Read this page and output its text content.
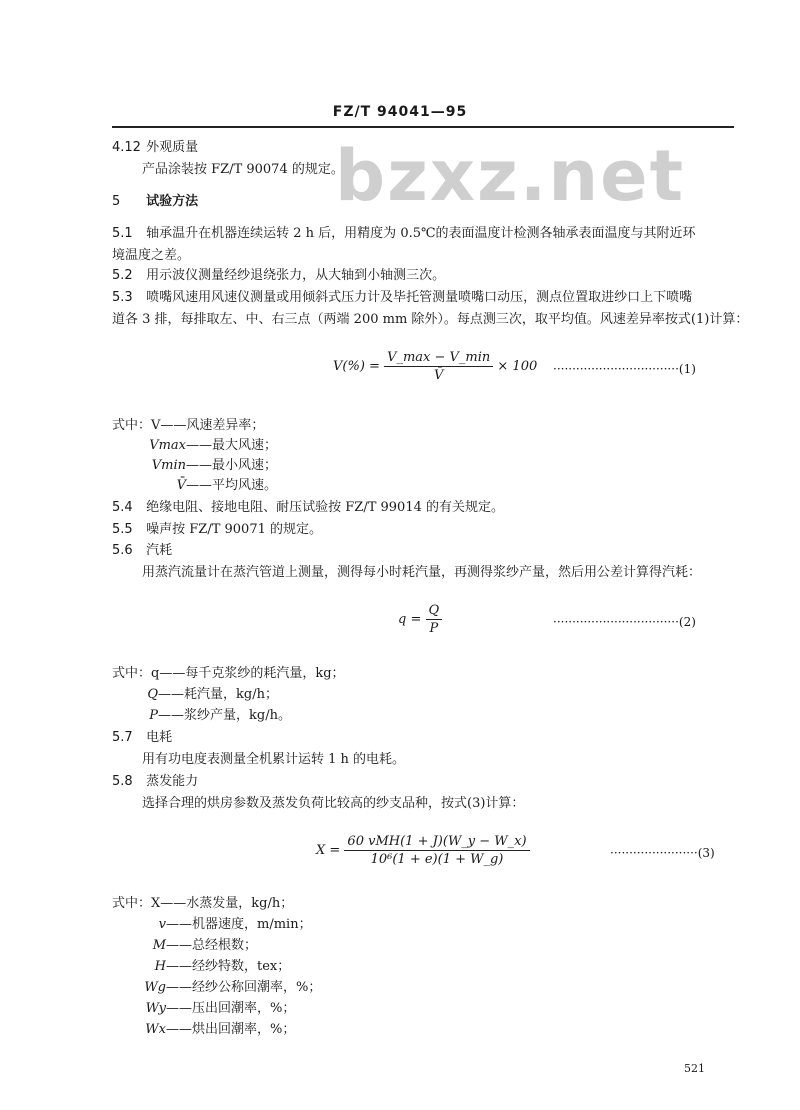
FZ/T 94041—95
bzxz.net
4.12 外观质量
产品涂装按 FZ/T 90074 的规定。
5 试验方法
5.1 轴承温升在机器连续运转 2 h 后，用精度为 0.5℃的表面温度计检测各轴承表面温度与其附近环
境温度之差。
5.2 用示波仪测量经纱退绕张力，从大轴到小轴测三次。
5.3 喷嘴风速用风速仪测量或用倾斜式压力计及毕托管测量喷嘴口动压，测点位置取进纱口上下喷嘴
道各 3 排，每排取左、中、右三点（两端 200 mm 除外）。每点测三次，取平均值。风速差异率按式(1)计算：
$V(\%) = \frac{V\_\max - V\_\min}{V̄} \times 100 \cdot\cdot\cdot\cdot\cdot\cdot\cdot\cdot\cdot\cdot\cdot\cdot\cdot\cdot\cdot\cdot\cdot\cdot\cdot\cdot\cdot\cdot\cdot\cdot\cdot\cdot\cdot\cdot\cdot\cdot\cdot\cdot\cdot(1)$
式中：V——风速差异率；
Vmax——最大风速；
Vmin——最小风速；
V̄——平均风速。
5.4 绝缘电阻、接地电阻、耐压试验按 FZ/T 99014 的有关规定。
5.5 噪声按 FZ/T 90071 的规定。
5.6 汽耗
用蒸汽流量计在蒸汽管道上测量，测得每小时耗汽量，再测得浆纱产量，然后用公差计算得汽耗：
$q = \frac{Q}{P}$	·································(2)
式中：q——每千克浆纱的耗汽量，kg；
Q——耗汽量，kg/h；
P——浆纱产量，kg/h。
5.7 电耗
用有功电度表测量全机累计运转 1 h 的电耗。
5.8 蒸发能力
选择合理的烘房参数及蒸发负荷比较高的纱支品种，按式(3)计算：
$X = \frac{\text{60 vMH(1 + J)(W\_y − W\_x)}}{\text{10⁶(1 + e)(1 + W\_g)}}$	·······················(3)
式中：X——水蒸发量，kg/h；
v——机器速度，m/min；
M——总经根数；
H——经纱特数，tex；
Wg——经纱公称回潮率，%；
Wy——压出回潮率，%；
Wx——烘出回潮率，%；
521
